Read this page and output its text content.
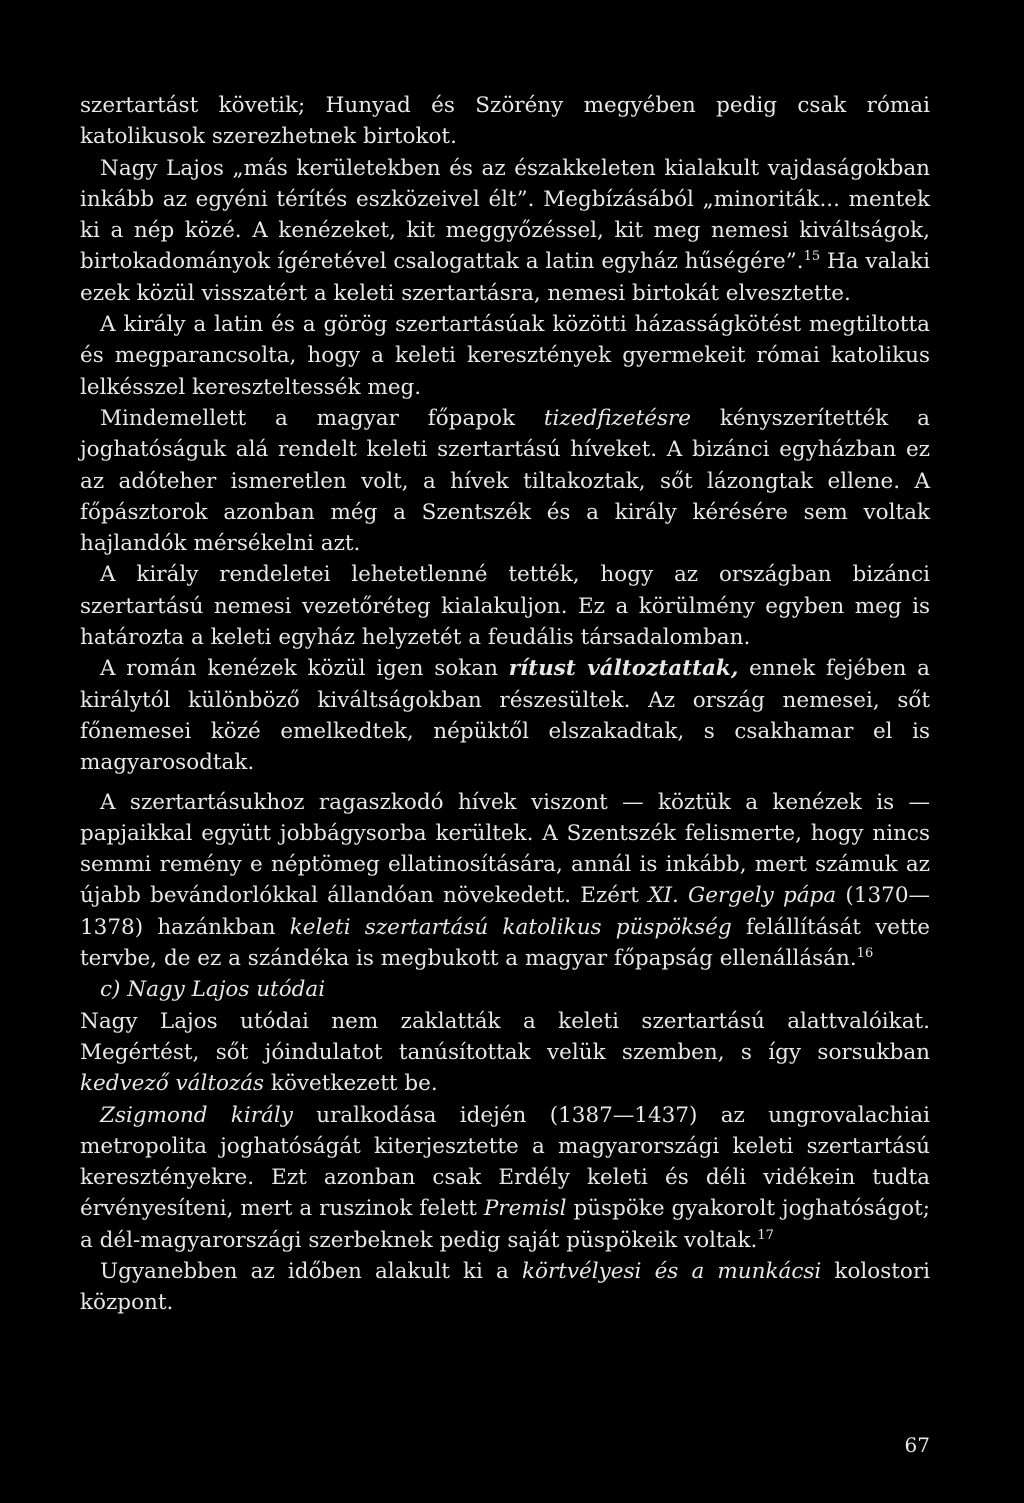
szertartást követik; Hunyad és Szörény megyében pedig csak római katolikusok szerezhetnek birtokot.

Nagy Lajos „más kerületekben és az északkeleten kialakult vajdaságokban inkább az egyéni térítés eszközeivel élt”. Megbízásából „minoriták... mentek ki a nép közé. A kenézeket, kit meggyőzéssel, kit meg nemesi kiváltságok, birtokadományok ígéretével csalogattak a latin egyház hűségére”.$^{15}$ Ha valaki ezek közül visszatért a keleti szertartásra, nemesi birtokát elvesztette.

A király a latin és a görög szertartásúak közötti házasságkötést megtiltotta és megparancsolta, hogy a keleti keresztények gyermekeit római katolikus lelkésszel kereszteltessék meg.

Mindemellett a magyar főpapok tizedfizetésre kényszerítették a joghatóságuk alá rendelt keleti szertartású híveket. A bizánci egyházban ez az adóteher ismeretlen volt, a hívek tiltakoztak, sőt lázongtak ellene. A főpásztorok azonban még a Szentszék és a király kérésére sem voltak hajlandók mérsékelni azt.

A király rendeletei lehetetlenné tették, hogy az országban bizánci szertartású nemesi vezetőréteg kialakuljon. Ez a körülmény egyben meg is határozta a keleti egyház helyzetét a feudális társadalomban.

A román kenézek közül igen sokan rítust változtattak, ennek fejében a királytól különböző kiváltságokban részesültek. Az ország nemesei, sőt főnemesei közé emelkedtek, népüktől elszakadtak, s csakhamar el is magyarosodtak.

A szertartásukhoz ragaszkodó hívek viszont — köztük a kenézek is — papjaikkal együtt jobbágysorba kerültek. A Szentszék felismerte, hogy nincs semmi remény e néptömeg ellatinosítására, annál is inkább, mert számuk az újabb bevándorlókkal állandóan növekedett. Ezért XI. Gergely pápa (1370—1378) hazánkban keleti szertartású katolikus püspökség felállítását vette tervbe, de ez a szándéka is megbukott a magyar főpapság ellenállásán.$^{16}$

c) Nagy Lajos utódai

Nagy Lajos utódai nem zaklatták a keleti szertartású alattvalóikat. Megértést, sőt jóindulatot tanúsítottak velük szemben, s így sorsukban kedvező változás következett be.

Zsigmond király uralkodása idején (1387—1437) az ungrovalachiai metropolita joghatóságát kiterjesztette a magyarországi keleti szertartású keresztényekre. Ezt azonban csak Erdély keleti és déli vidékein tudta érvényesíteni, mert a ruszinok felett Premisl püspöke gyakorolt joghatóságot; a dél-magyarországi szerbeknek pedig saját püspökeik voltak.$^{17}$

Ugyanebben az időben alakult ki a körtvélyesi és a munkácsi kolostori központ.

67
